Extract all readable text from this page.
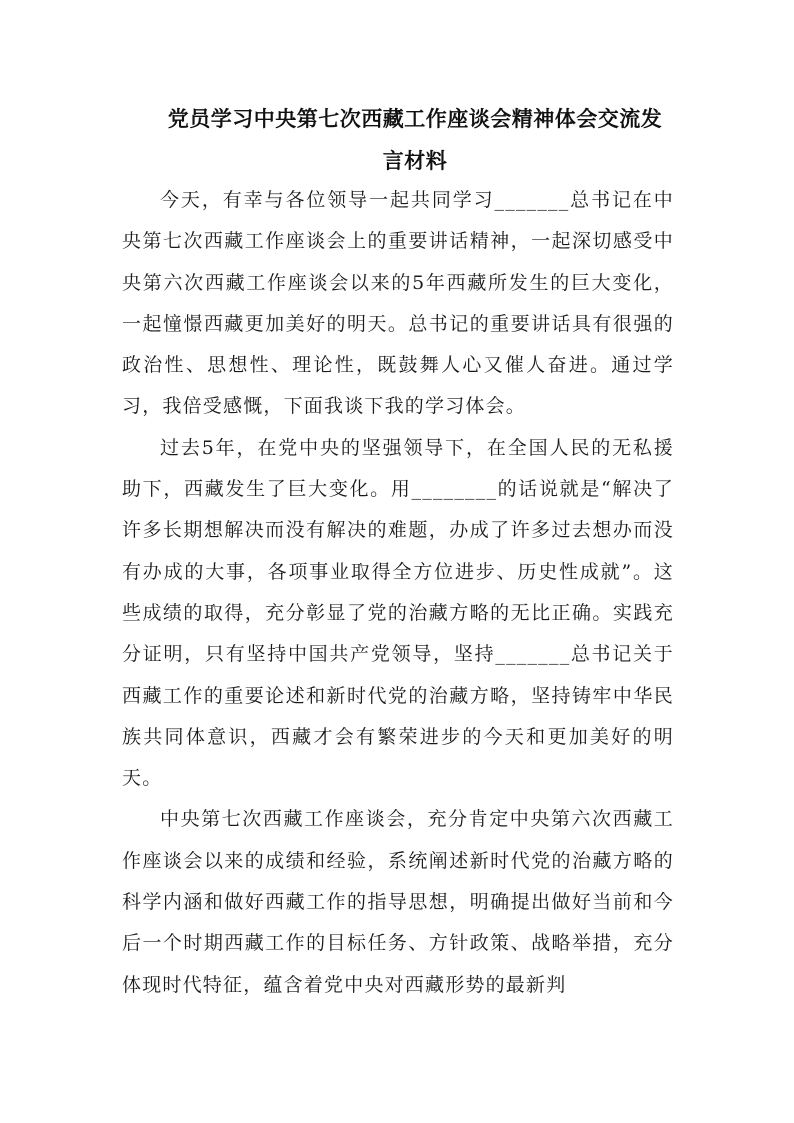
党员学习中央第七次西藏工作座谈会精神体会交流发
言材料

今天，有幸与各位领导一起共同学习_______总书记在中央第七次西藏工作座谈会上的重要讲话精神，一起深切感受中央第六次西藏工作座谈会以来的5年西藏所发生的巨大变化，一起憧憬西藏更加美好的明天。总书记的重要讲话具有很强的政治性、思想性、理论性，既鼓舞人心又催人奋进。通过学习，我倍受感慨，下面我谈下我的学习体会。

过去5年，在党中央的坚强领导下，在全国人民的无私援助下，西藏发生了巨大变化。用________的话说就是“解决了许多长期想解决而没有解决的难题，办成了许多过去想办而没有办成的大事，各项事业取得全方位进步、历史性成就”。这些成绩的取得，充分彰显了党的治藏方略的无比正确。实践充分证明，只有坚持中国共产党领导，坚持_______总书记关于西藏工作的重要论述和新时代党的治藏方略，坚持铸牢中华民族共同体意识，西藏才会有繁荣进步的今天和更加美好的明天。

中央第七次西藏工作座谈会，充分肯定中央第六次西藏工作座谈会以来的成绩和经验，系统阐述新时代党的治藏方略的科学内涵和做好西藏工作的指导思想，明确提出做好当前和今后一个时期西藏工作的目标任务、方针政策、战略举措，充分体现时代特征，蕴含着党中央对西藏形势的最新判
